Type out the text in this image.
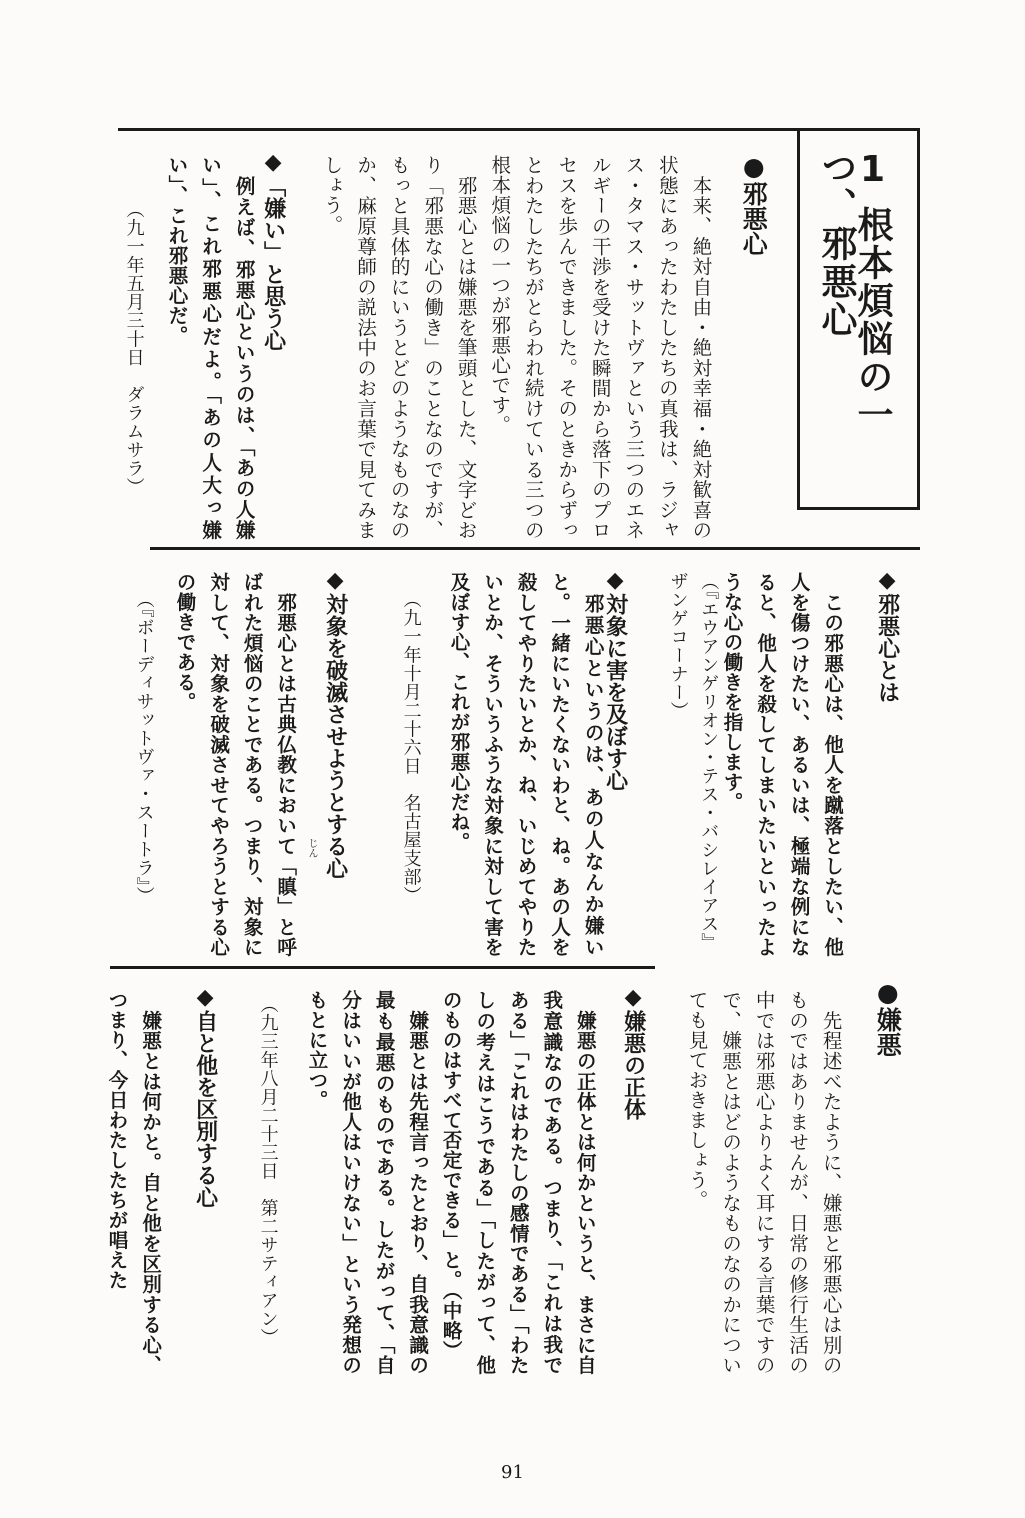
1根本煩悩の一つ、邪悪心
●邪悪心
　本来、絶対自由・絶対幸福・絶対歓喜の状態にあったわたしたちの真我は、ラジャス・タマス・サットヴァという三つのエネルギーの干渉を受けた瞬間から落下のプロセスを歩んできました。そのときからずっとわたしたちがとらわれ続けている三つの根本煩悩の一つが邪悪心です。
　邪悪心とは嫌悪を筆頭とした、文字どおり「邪悪な心の働き」のことなのですが、もっと具体的にいうとどのようなものなのか、麻原尊師の説法中のお言葉で見てみましょう。
◆「嫌い」と思う心
　例えば、邪悪心というのは、「あの人嫌い」、これ邪悪心だよ。「あの人大っ嫌い」、これ邪悪心だ。
（九一年五月三十日　ダラムサラ）
◆邪悪心とは
　この邪悪心は、他人を蹴落としたい、他人を傷つけたい、あるいは、極端な例になると、他人を殺してしまいたいといったような心の働きを指します。
（『エウアンゲリオン・テス・バシレイアス』ザンゲコーナー）
◆対象に害を及ぼす心
　邪悪心というのは、あの人なんか嫌いと。一緒にいたくないわと、ね。あの人を殺してやりたいとか、ね、いじめてやりたいとか、そういうふうな対象に対して害を及ぼす心、これが邪悪心だね。
（九一年十月二十六日　名古屋支部）
◆対象を破滅させようとする心
　邪悪心とは古典仏教において「瞋」と呼ばれた煩悩のことである。つまり、対象に対して、対象を破滅させてやろうとする心の働きである。
じん
（『ボーディサットヴァ・スートラ』）
●嫌悪
　先程述べたように、嫌悪と邪悪心は別のものではありませんが、日常の修行生活の中では邪悪心よりよく耳にする言葉ですので、嫌悪とはどのようなものなのかについても見ておきましょう。
◆嫌悪の正体
　嫌悪の正体とは何かというと、まさに自我意識なのである。つまり、「これは我である」「これはわたしの感情である」「わたしの考えはこうである」「したがって、他のものはすべて否定できる」と。（中略）
　嫌悪とは先程言ったとおり、自我意識の最も最悪のものである。したがって、「自分はいいが他人はいけない」という発想のもとに立つ。
（九三年八月二十三日　第二サティアン）
◆自と他を区別する心
　嫌悪とは何かと。自と他を区別する心、つまり、今日わたしたちが唱えた
91
